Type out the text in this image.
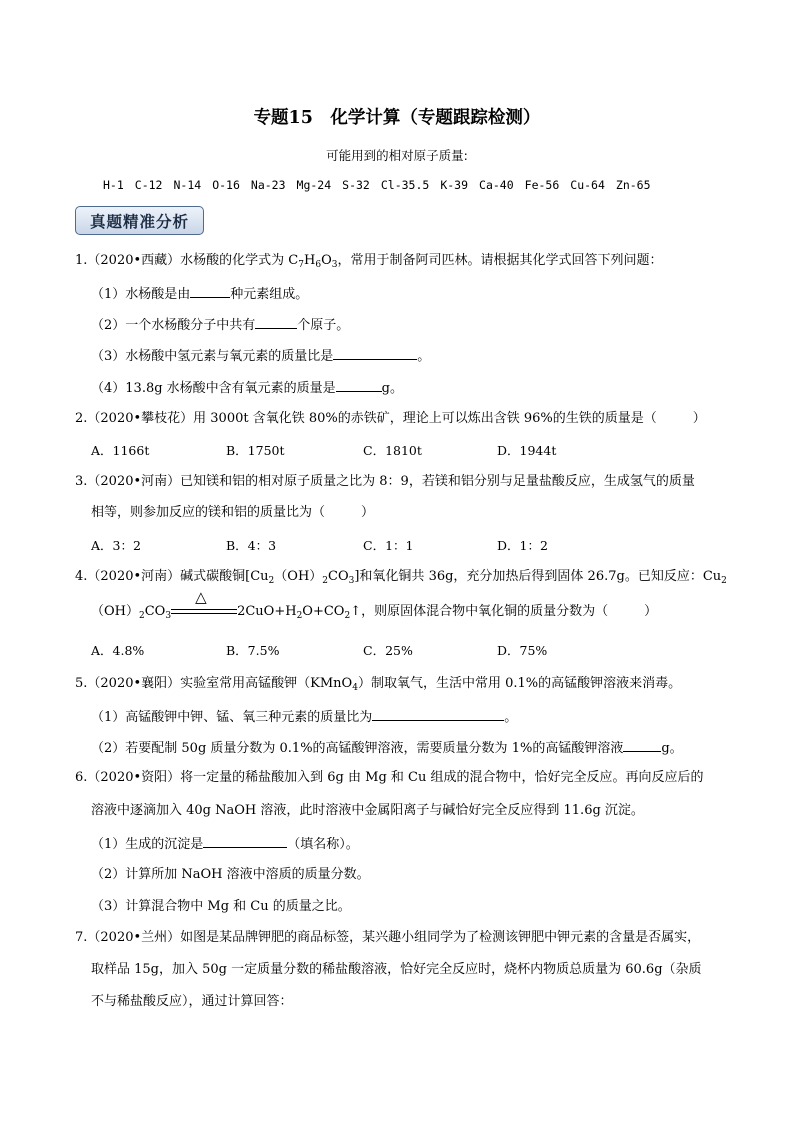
专题15　化学计算（专题跟踪检测）
可能用到的相对原子质量:
H-1 C-12 N-14 O-16 Na-23 Mg-24 S-32 Cl-35.5 K-39 Ca-40 Fe-56 Cu-64 Zn-65
真题精准分析
1.（2020•西藏）水杨酸的化学式为 $C_7H_6O_3$，常用于制备阿司匹林。请根据其化学式回答下列问题：
（1）水杨酸是由	种元素组成。
（2）一个水杨酸分子中共有	个原子。
（3）水杨酸中氢元素与氧元素的质量比是	。
（4）13.8g 水杨酸中含有氧元素的质量是	g。
2.（2020•攀枝花）用 3000t 含氧化铁 80%的赤铁矿，理论上可以炼出含铁 96%的生铁的质量是（	）
A．1166t	B．1750t	C．1810t	D．1944t
3.（2020•河南）已知镁和铝的相对原子质量之比为 8：9，若镁和铝分别与足量盐酸反应，生成氢气的质量
相等，则参加反应的镁和铝的质量比为（	）
A．3：2	B．4：3	C．1：1	D．1：2
4.（2020•河南）碱式碳酸铜$[Cu_2(OH)_2CO_3]$和氧化铜共 36g，充分加热后得到固体 26.7g。已知反应：$Cu_2$
$(OH)_2CO_3$
△
$2CuO+H_2O+CO_2↑$，则原固体混合物中氧化铜的质量分数为（	）
A．4.8%	B．7.5%	C．25%	D．75%
5.（2020•襄阳）实验室常用高锰酸钾（KMnO$_4$）制取氧气，生活中常用 0.1%的高锰酸钾溶液来消毒。
（1）高锰酸钾中钾、锰、氧三种元素的质量比为	。
（2）若要配制 50g 质量分数为 0.1%的高锰酸钾溶液，需要质量分数为 1%的高锰酸钾溶液	g。
6.（2020•资阳）将一定量的稀盐酸加入到 6g 由 Mg 和 Cu 组成的混合物中，恰好完全反应。再向反应后的
溶液中逐滴加入 40g NaOH 溶液，此时溶液中金属阳离子与碱恰好完全反应得到 11.6g 沉淀。
（1）生成的沉淀是	（填名称）。
（2）计算所加 NaOH 溶液中溶质的质量分数。
（3）计算混合物中 Mg 和 Cu 的质量之比。
7.（2020•兰州）如图是某品牌钾肥的商品标签，某兴趣小组同学为了检测该钾肥中钾元素的含量是否属实，
取样品 15g，加入 50g 一定质量分数的稀盐酸溶液，恰好完全反应时，烧杯内物质总质量为 60.6g（杂质
不与稀盐酸反应），通过计算回答：
